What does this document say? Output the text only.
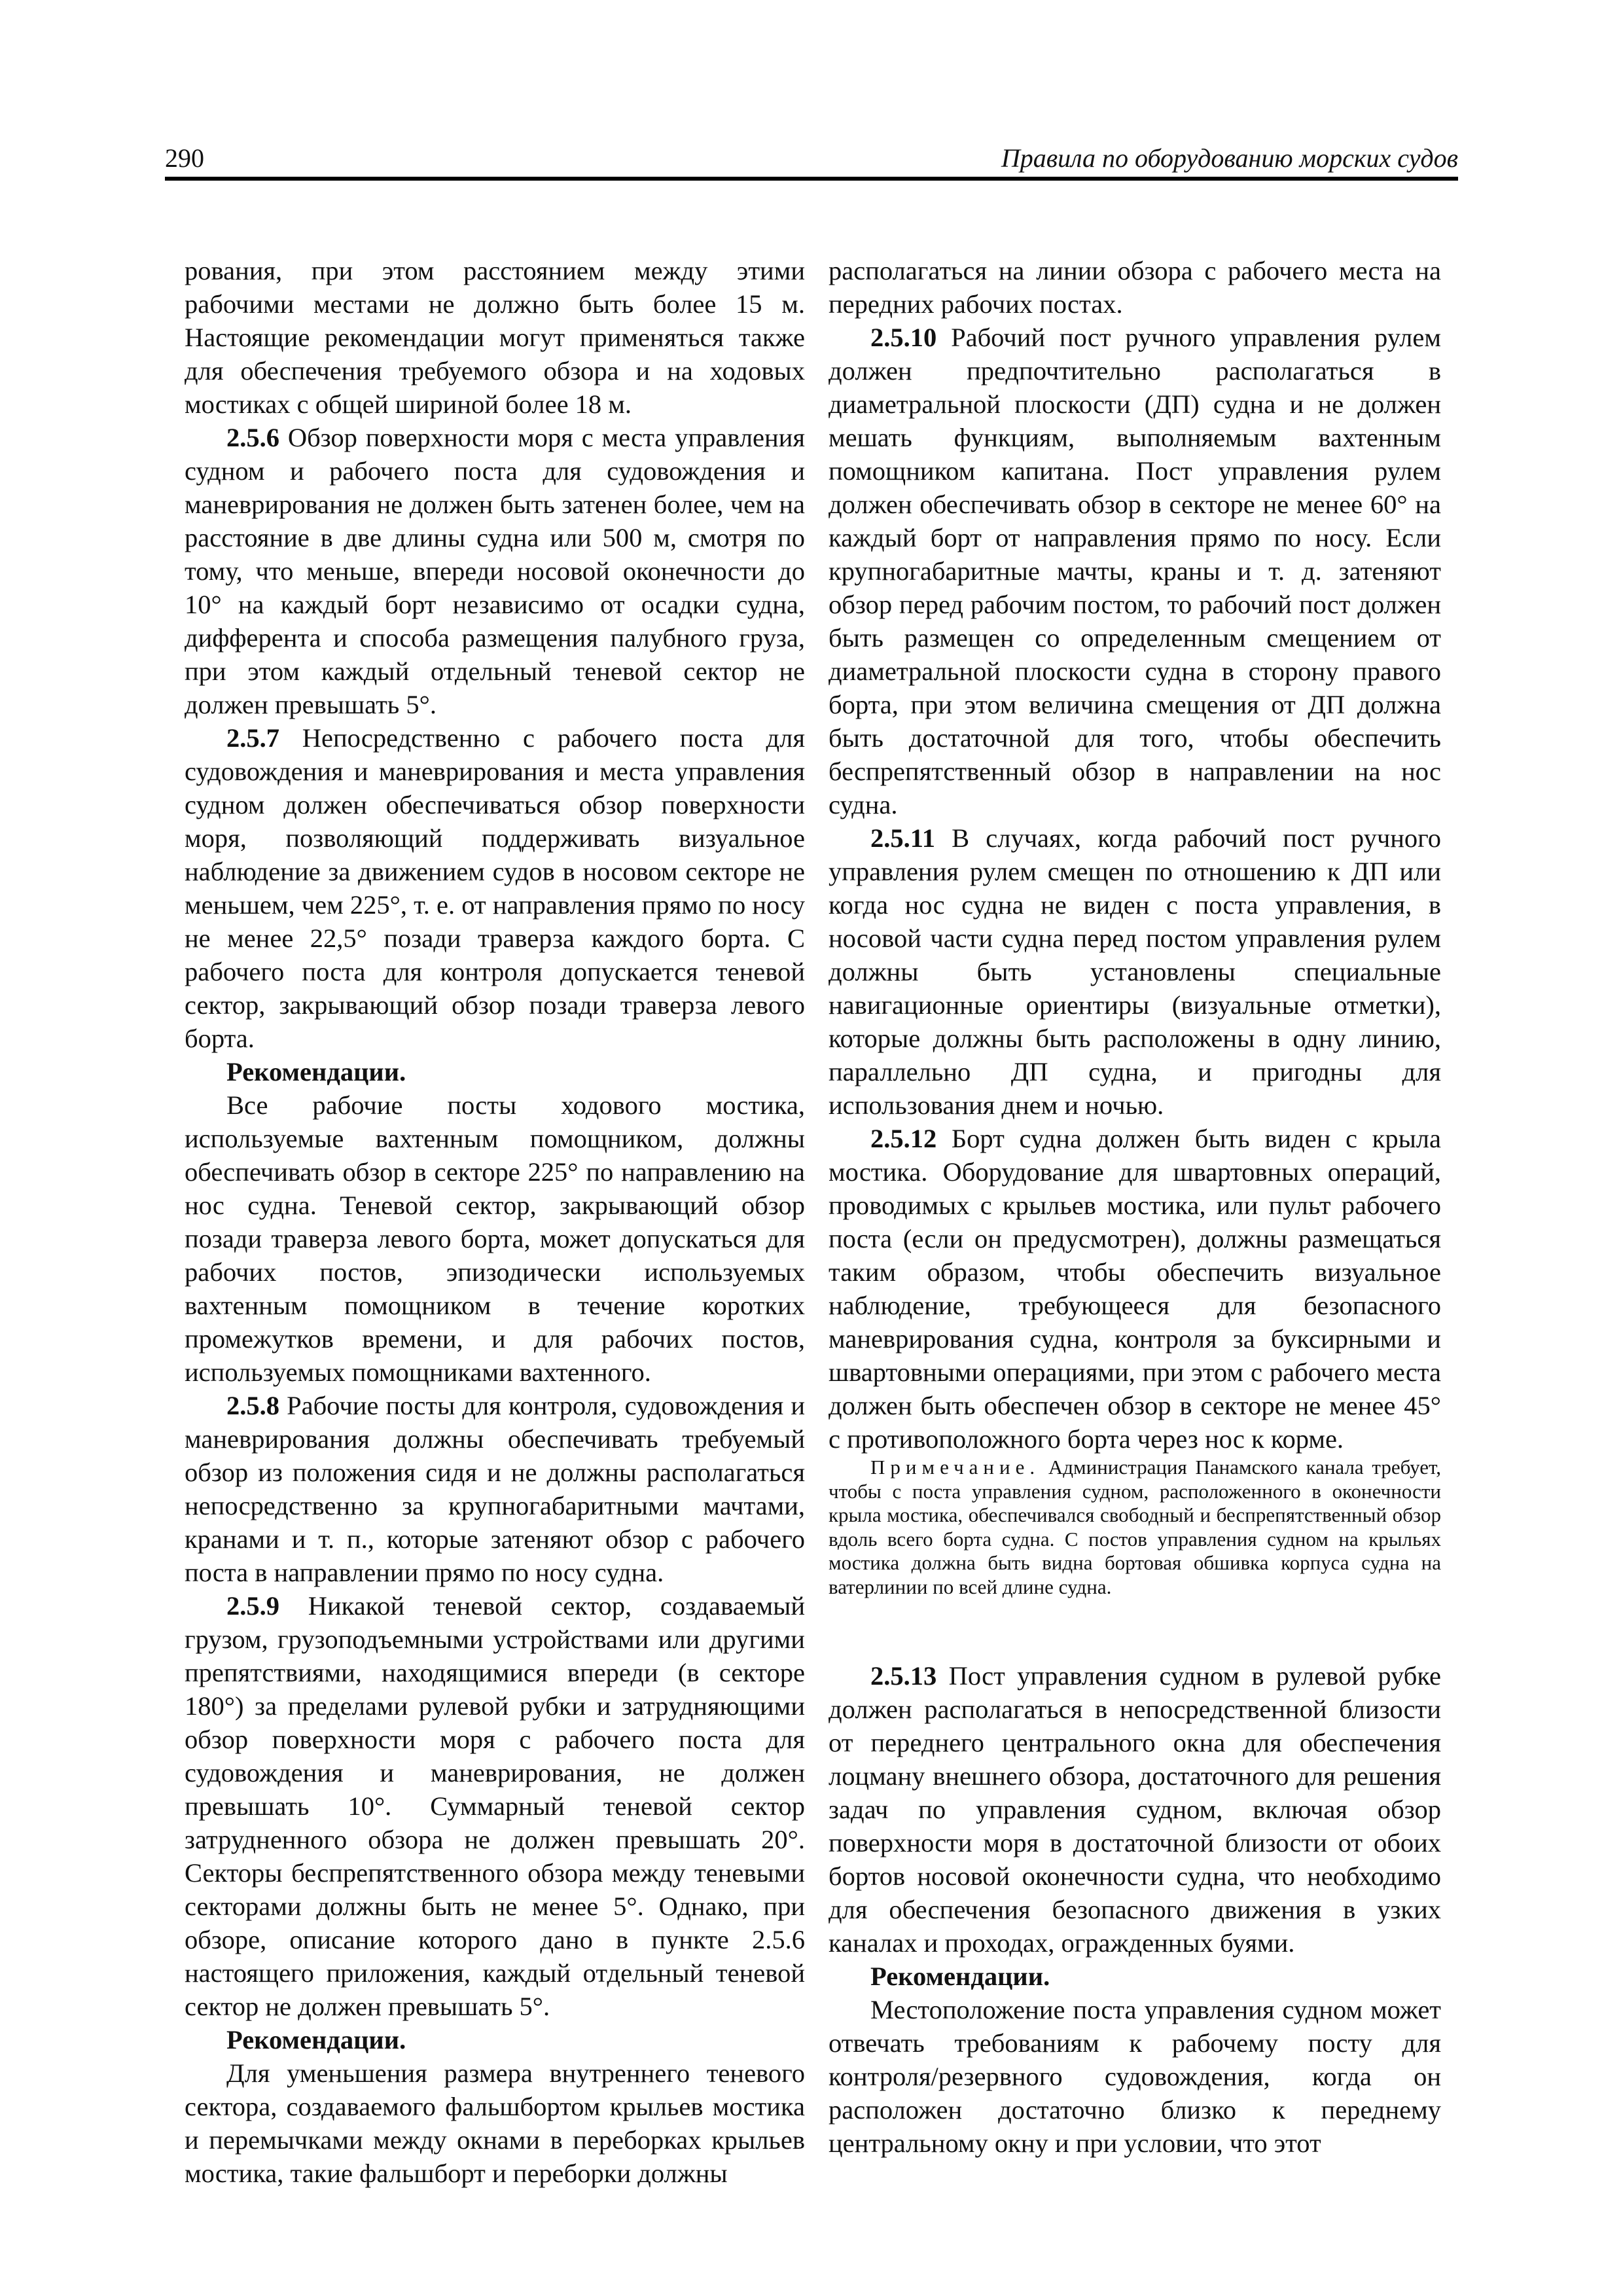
290	Правила по оборудованию морских судов

рования, при этом расстоянием между этими рабочими местами не должно быть более 15 м. Настоящие рекомендации могут применяться также для обеспечения требуемого обзора и на ходовых мостиках с общей шириной более 18 м.

2.5.6 Обзор поверхности моря с места управления судном и рабочего поста для судовождения и маневрирования не должен быть затенен более, чем на расстояние в две длины судна или 500 м, смотря по тому, что меньше, впереди носовой оконечности до 10° на каждый борт независимо от осадки судна, дифферента и способа размещения палубного груза, при этом каждый отдельный теневой сектор не должен превышать 5°.

2.5.7 Непосредственно с рабочего поста для судовождения и маневрирования и места управления судном должен обеспечиваться обзор поверхности моря, позволяющий поддерживать визуальное наблюдение за движением судов в носовом секторе не меньшем, чем 225°, т. е. от направления прямо по носу не менее 22,5° позади траверза каждого борта. С рабочего поста для контроля допускается теневой сектор, закрывающий обзор позади траверза левого борта.

Рекомендации.

Все рабочие посты ходового мостика, используемые вахтенным помощником, должны обеспечивать обзор в секторе 225° по направлению на нос судна. Теневой сектор, закрывающий обзор позади траверза левого борта, может допускаться для рабочих постов, эпизодически используемых вахтенным помощником в течение коротких промежутков времени, и для рабочих постов, используемых помощниками вахтенного.

2.5.8 Рабочие посты для контроля, судовождения и маневрирования должны обеспечивать требуемый обзор из положения сидя и не должны располагаться непосредственно за крупногабаритными мачтами, кранами и т. п., которые затеняют обзор с рабочего поста в направлении прямо по носу судна.

2.5.9 Никакой теневой сектор, создаваемый грузом, грузоподъемными устройствами или другими препятствиями, находящимися впереди (в секторе 180°) за пределами рулевой рубки и затрудняющими обзор поверхности моря с рабочего поста для судовождения и маневрирования, не должен превышать 10°. Суммарный теневой сектор затрудненного обзора не должен превышать 20°. Секторы беспрепятственного обзора между теневыми секторами должны быть не менее 5°. Однако, при обзоре, описание которого дано в пункте 2.5.6 настоящего приложения, каждый отдельный теневой сектор не должен превышать 5°.

Рекомендации.

Для уменьшения размера внутреннего теневого сектора, создаваемого фальшбортом крыльев мостика и перемычками между окнами в переборках крыльев мостика, такие фальшборт и переборки должны

располагаться на линии обзора с рабочего места на передних рабочих постах.

2.5.10 Рабочий пост ручного управления рулем должен предпочтительно располагаться в диаметральной плоскости (ДП) судна и не должен мешать функциям, выполняемым вахтенным помощником капитана. Пост управления рулем должен обеспечивать обзор в секторе не менее 60° на каждый борт от направления прямо по носу. Если крупногабаритные мачты, краны и т. д. затеняют обзор перед рабочим постом, то рабочий пост должен быть размещен со определенным смещением от диаметральной плоскости судна в сторону правого борта, при этом величина смещения от ДП должна быть достаточной для того, чтобы обеспечить беспрепятственный обзор в направлении на нос судна.

2.5.11 В случаях, когда рабочий пост ручного управления рулем смещен по отношению к ДП или когда нос судна не виден с поста управления, в носовой части судна перед постом управления рулем должны быть установлены специальные навигационные ориентиры (визуальные отметки), которые должны быть расположены в одну линию, параллельно ДП судна, и пригодны для использования днем и ночью.

2.5.12 Борт судна должен быть виден с крыла мостика. Оборудование для швартовных операций, проводимых с крыльев мостика, или пульт рабочего поста (если он предусмотрен), должны размещаться таким образом, чтобы обеспечить визуальное наблюдение, требующееся для безопасного маневрирования судна, контроля за буксирными и швартовными операциями, при этом с рабочего места должен быть обеспечен обзор в секторе не менее 45° с противоположного борта через нос к корме.

Примечание. Администрация Панамского канала требует, чтобы с поста управления судном, расположенного в оконечности крыла мостика, обеспечивался свободный и беспрепятственный обзор вдоль всего борта судна. С постов управления судном на крыльях мостика должна быть видна бортовая обшивка корпуса судна на ватерлинии по всей длине судна.

2.5.13 Пост управления судном в рулевой рубке должен располагаться в непосредственной близости от переднего центрального окна для обеспечения лоцману внешнего обзора, достаточного для решения задач по управления судном, включая обзор поверхности моря в достаточной близости от обоих бортов носовой оконечности судна, что необходимо для обеспечения безопасного движения в узких каналах и проходах, огражденных буями.

Рекомендации.

Местоположение поста управления судном может отвечать требованиям к рабочему посту для контроля/резервного судовождения, когда он расположен достаточно близко к переднему центральному окну и при условии, что этот
